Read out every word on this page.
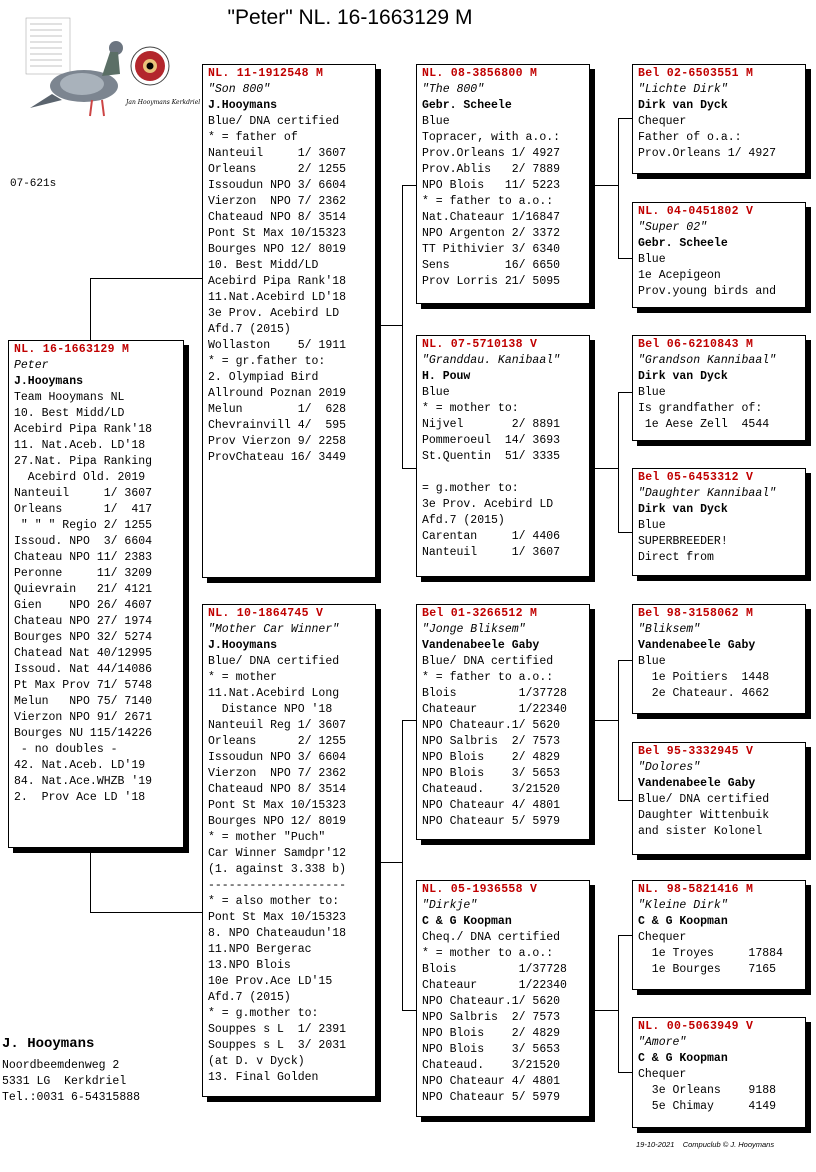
"Peter" NL. 16-1663129 M
Jan Hooymans Kerkdriel
07-621s
NL. 16-1663129 M
Peter
J.Hooymans
Team Hooymans NL
10. Best Midd/LD
Acebird Pipa Rank'18
11. Nat.Aceb. LD'18
27.Nat. Pipa Ranking
Acebird Old. 2019
Nanteuil     1/ 3607
Orleans      1/  417
" " " Regio 2/ 1255
Issoud. NPO  3/ 6604
Chateau NPO 11/ 2383
Peronne     11/ 3209
Quievrain   21/ 4121
Gien    NPO 26/ 4607
Chateau NPO 27/ 1974
Bourges NPO 32/ 5274
Chatead Nat 40/12995
Issoud. Nat 44/14086
Pt Max Prov 71/ 5748
Melun   NPO 75/ 7140
Vierzon NPO 91/ 2671
Bourges NU 115/14226
- no doubles -
42. Nat.Aceb. LD'19
84. Nat.Ace.WHZB '19
2.  Prov Ace LD '18
NL. 11-1912548 M
"Son 800"
J.Hooymans
Blue/ DNA certified
* = father of
Nanteuil     1/ 3607
Orleans      2/ 1255
Issoudun NPO 3/ 6604
Vierzon  NPO 7/ 2362
Chateaud NPO 8/ 3514
Pont St Max 10/15323
Bourges NPO 12/ 8019
10. Best Midd/LD
Acebird Pipa Rank'18
11.Nat.Acebird LD'18
3e Prov. Acebird LD
Afd.7 (2015)
Wollaston    5/ 1911
* = gr.father to:
2. Olympiad Bird
Allround Poznan 2019
Melun        1/  628
Chevrainvill 4/  595
Prov Vierzon 9/ 2258
ProvChateau 16/ 3449
NL. 10-1864745 V
"Mother Car Winner"
J.Hooymans
Blue/ DNA certified
* = mother
11.Nat.Acebird Long
Distance NPO '18
Nanteuil Reg 1/ 3607
Orleans      2/ 1255
Issoudun NPO 3/ 6604
Vierzon  NPO 7/ 2362
Chateaud NPO 8/ 3514
Pont St Max 10/15323
Bourges NPO 12/ 8019
* = mother "Puch"
Car Winner Samdpr'12
(1. against 3.338 b)
--------------------
* = also mother to:
Pont St Max 10/15323
8. NPO Chateaudun'18
11.NPO Bergerac
13.NPO Blois
10e Prov.Ace LD'15
Afd.7 (2015)
* = g.mother to:
Souppes s L  1/ 2391
Souppes s L  3/ 2031
(at D. v Dyck)
13. Final Golden
NL. 08-3856800 M
"The 800"
Gebr. Scheele
Blue
Topracer, with a.o.:
Prov.Orleans 1/ 4927
Prov.Ablis   2/ 7889
NPO Blois   11/ 5223
* = father to a.o.:
Nat.Chateaur 1/16847
NPO Argenton 2/ 3372
TT Pithivier 3/ 6340
Sens        16/ 6650
Prov Lorris 21/ 5095
NL. 07-5710138 V
"Granddau. Kanibaal"
H. Pouw
Blue
* = mother to:
Nijvel       2/ 8891
Pommeroeul  14/ 3693
St.Quentin  51/ 3335
= g.mother to:
3e Prov. Acebird LD
Afd.7 (2015)
Carentan     1/ 4406
Nanteuil     1/ 3607
Bel 01-3266512 M
"Jonge Bliksem"
Vandenabeele Gaby
Blue/ DNA certified
* = father to a.o.:
Blois         1/37728
Chateaur      1/22340
NPO Chateaur.1/ 5620
NPO Salbris  2/ 7573
NPO Blois    2/ 4829
NPO Blois    3/ 5653
Chateaud.    3/21520
NPO Chateaur 4/ 4801
NPO Chateaur 5/ 5979
NL. 05-1936558 V
"Dirkje"
C & G Koopman
Cheq./ DNA certified
* = mother to a.o.:
Blois         1/37728
Chateaur      1/22340
NPO Chateaur.1/ 5620
NPO Salbris  2/ 7573
NPO Blois    2/ 4829
NPO Blois    3/ 5653
Chateaud.    3/21520
NPO Chateaur 4/ 4801
NPO Chateaur 5/ 5979
Bel 02-6503551 M
"Lichte Dirk"
Dirk van Dyck
Chequer
Father of o.a.:
Prov.Orleans 1/ 4927
NL. 04-0451802 V
"Super 02"
Gebr. Scheele
Blue
1e Acepigeon
Prov.young birds and
Bel 06-6210843 M
"Grandson Kannibaal"
Dirk van Dyck
Blue
Is grandfather of:
1e Aese Zell  4544
Bel 05-6453312 V
"Daughter Kannibaal"
Dirk van Dyck
Blue
SUPERBREEDER!
Direct from
Bel 98-3158062 M
"Bliksem"
Vandenabeele Gaby
Blue
1e Poitiers  1448
2e Chateaur. 4662
Bel 95-3332945 V
"Dolores"
Vandenabeele Gaby
Blue/ DNA certified
Daughter Wittenbuik
and sister Kolonel
NL. 98-5821416 M
"Kleine Dirk"
C & G Koopman
Chequer
1e Troyes     17884
1e Bourges    7165
NL. 00-5063949 V
"Amore"
C & G Koopman
Chequer
3e Orleans    9188
5e Chimay     4149
J. Hooymans
Noordbeemdenweg 2
5331 LG  Kerkdriel
Tel.:0031 6-54315888
19-10-2021    Compuclub © J. Hooymans
